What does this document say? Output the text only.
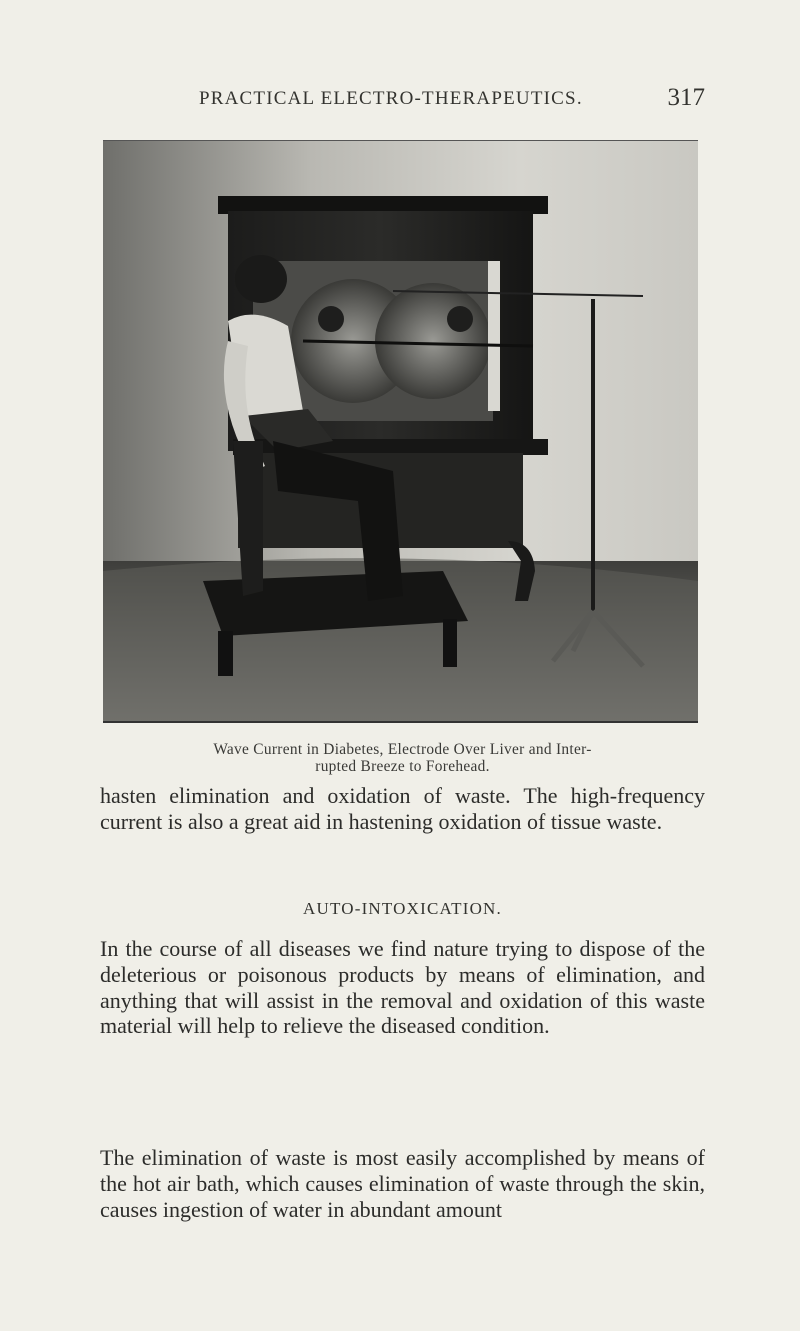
PRACTICAL ELECTRO-THERAPEUTICS.	317
Wave Current in Diabetes, Electrode Over Liver and Inter-
rupted Breeze to Forehead.
hasten elimination and oxidation of waste. The high-frequency current is also a great aid in hastening oxidation of tissue waste.
AUTO-INTOXICATION.
In the course of all diseases we find nature trying to dispose of the deleterious or poisonous products by means of elimination, and anything that will assist in the removal and oxidation of this waste material will help to relieve the diseased condition.
The elimination of waste is most easily accomplished by means of the hot air bath, which causes elimination of waste through the skin, causes ingestion of water in abundant amount
